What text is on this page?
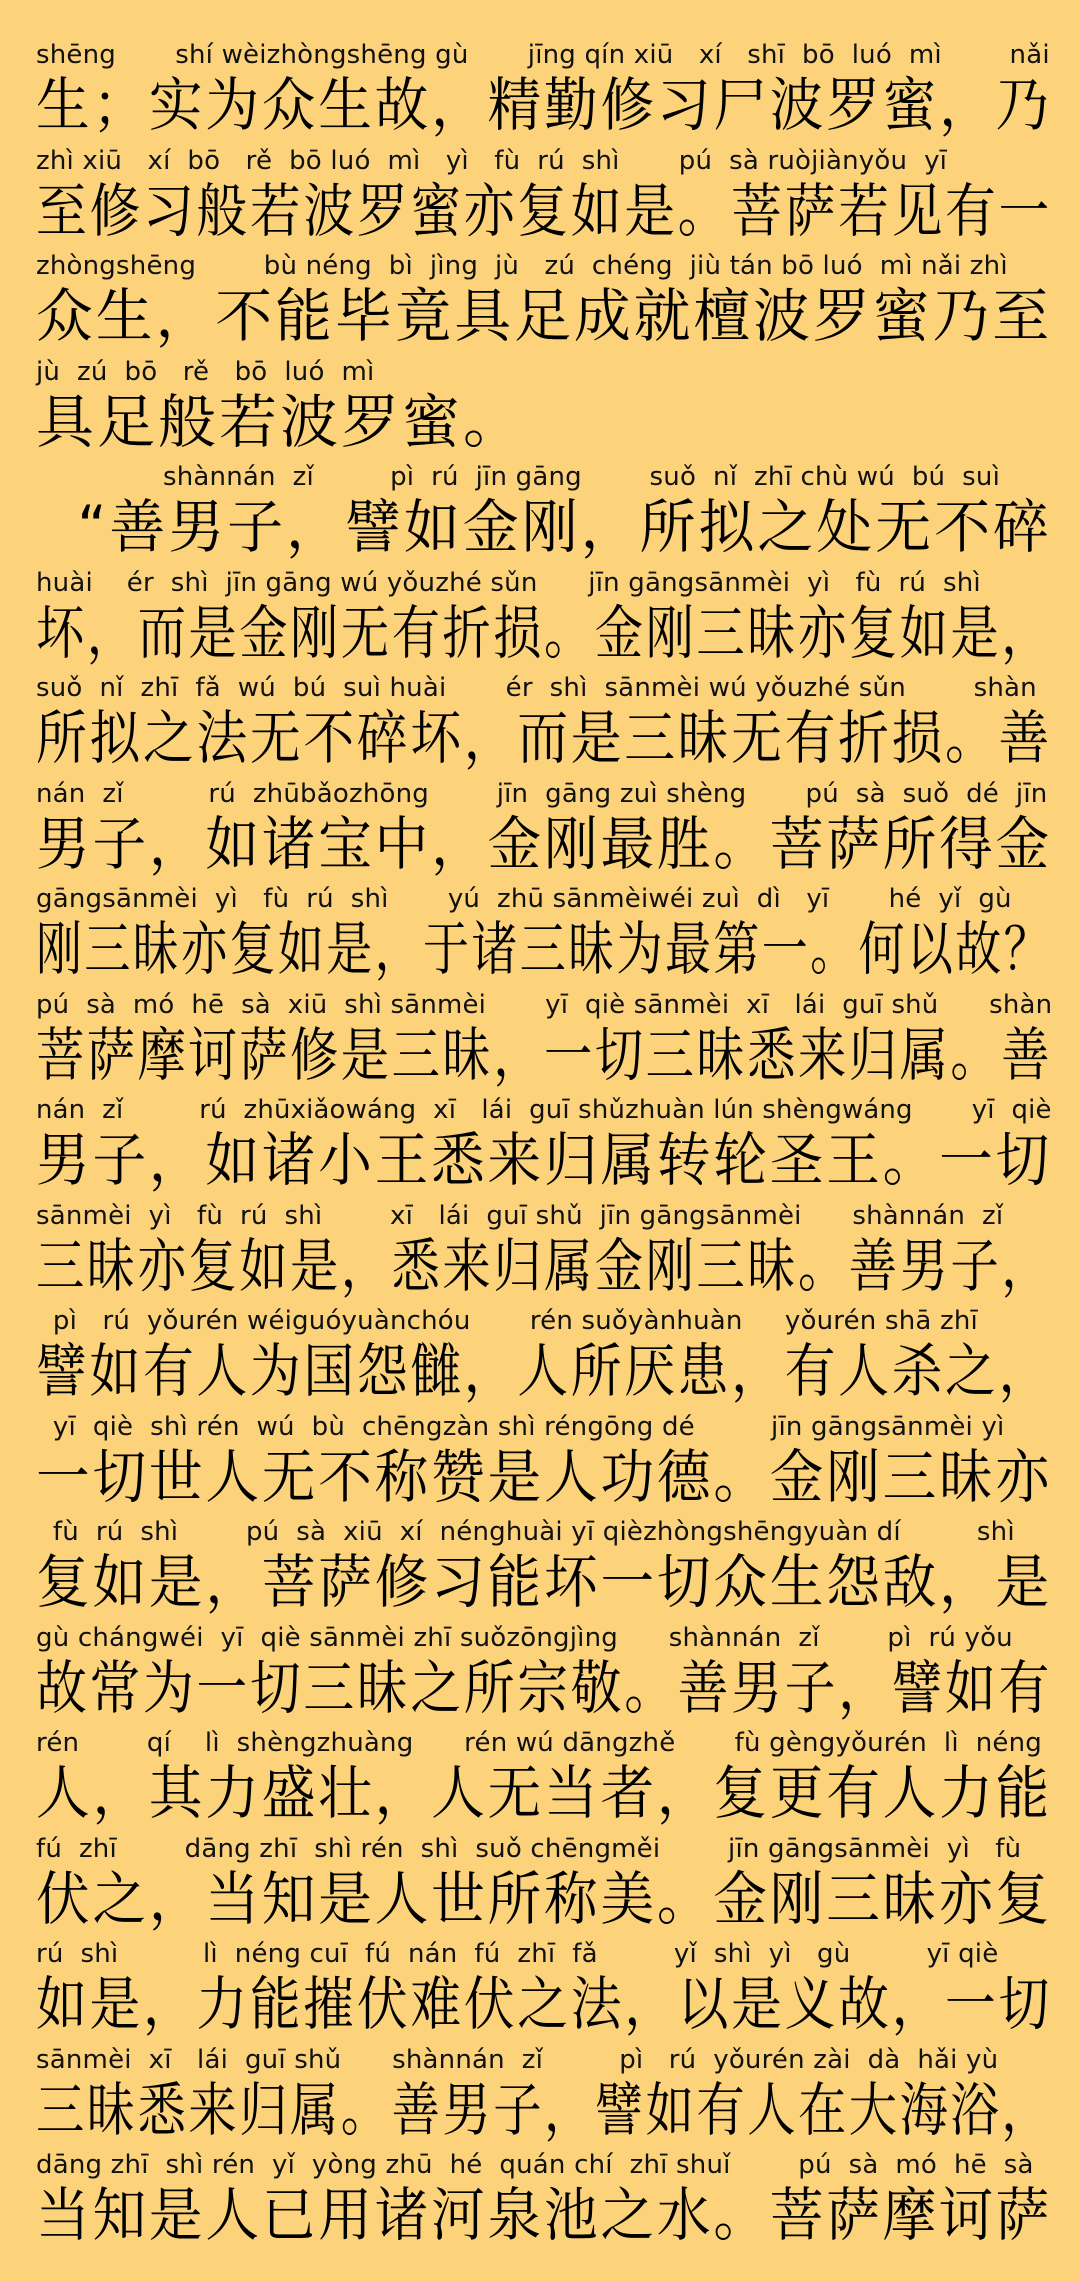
shēng       shí wèizhòngshēng gù       jīng qín xiū   xí   shī  bō  luó  mì        nǎi
生；实为众生故，精勤修习尸波罗蜜，乃
zhì xiū   xí  bō   rě  bō luó  mì   yì   fù  rú  shì       pú  sà ruòjiànyǒu  yī
至修习般若波罗蜜亦复如是。菩萨若见有一
zhòngshēng        bù néng  bì  jìng  jù   zú  chéng  jiù tán bō luó  mì nǎi zhì
众生，不能毕竟具足成就檀波罗蜜乃至
jù  zú  bō   rě   bō  luó  mì
具足般若波罗蜜。
shànnán  zǐ         pì  rú  jīn gāng        suǒ  nǐ  zhī chù wú  bú  suì
“善男子，譬如金刚，所拟之处无不碎
huài    ér  shì  jīn gāng wú yǒuzhé sǔn      jīn gāngsānmèi  yì   fù  rú  shì
坏，而是金刚无有折损。金刚三昧亦复如是，
suǒ  nǐ  zhī  fǎ  wú  bú  suì huài       ér  shì  sānmèi wú yǒuzhé sǔn        shàn
所拟之法无不碎坏，而是三昧无有折损。善
nán  zǐ          rú  zhūbǎozhōng        jīn  gāng zuì shèng       pú  sà  suǒ  dé  jīn
男子，如诸宝中，金刚最胜。菩萨所得金
gāngsānmèi  yì   fù  rú  shì       yú  zhū sānmèiwéi zuì  dì   yī       hé  yǐ  gù
刚三昧亦复如是，于诸三昧为最第一。何以故？
pú  sà  mó  hē  sà  xiū  shì sānmèi       yī  qiè sānmèi  xī   lái  guī shǔ      shàn
菩萨摩诃萨修是三昧，一切三昧悉来归属。善
nán  zǐ         rú  zhūxiǎowáng  xī   lái  guī shǔzhuàn lún shèngwáng       yī  qiè
男子，如诸小王悉来归属转轮圣王。一切
sānmèi  yì   fù  rú  shì        xī   lái  guī shǔ  jīn gāngsānmèi      shànnán  zǐ
三昧亦复如是，悉来归属金刚三昧。善男子，
pì   rú  yǒurén wéiguóyuànchóu       rén suǒyànhuàn     yǒurén shā zhī
譬如有人为国怨雠，人所厌患，有人杀之，
yī  qiè  shì rén  wú  bù  chēngzàn shì réngōng dé         jīn gāngsānmèi yì
一切世人无不称赞是人功德。金刚三昧亦
fù  rú  shì        pú  sà  xiū  xí  nénghuài yī qièzhòngshēngyuàn dí         shì
复如是，菩萨修习能坏一切众生怨敌，是
gù chángwéi  yī  qiè sānmèi zhī suǒzōngjìng      shànnán  zǐ        pì  rú yǒu
故常为一切三昧之所宗敬。善男子，譬如有
rén        qí    lì  shèngzhuàng      rén wú dāngzhě       fù gèngyǒurén  lì  néng
人，其力盛壮，人无当者，复更有人力能
fú  zhī        dāng zhī  shì rén  shì  suǒ chēngměi        jīn gāngsānmèi  yì   fù
伏之，当知是人世所称美。金刚三昧亦复
rú  shì          lì  néng cuī  fú  nán  fú  zhī  fǎ         yǐ  shì  yì   gù         yī qiè
如是，力能摧伏难伏之法，以是义故，一切
sānmèi  xī   lái  guī shǔ      shànnán  zǐ         pì   rú  yǒurén zài  dà  hǎi yù
三昧悉来归属。善男子，譬如有人在大海浴，
dāng zhī  shì rén  yǐ  yòng zhū  hé  quán chí  zhī shuǐ        pú  sà  mó  hē  sà
当知是人已用诸河泉池之水。菩萨摩诃萨
